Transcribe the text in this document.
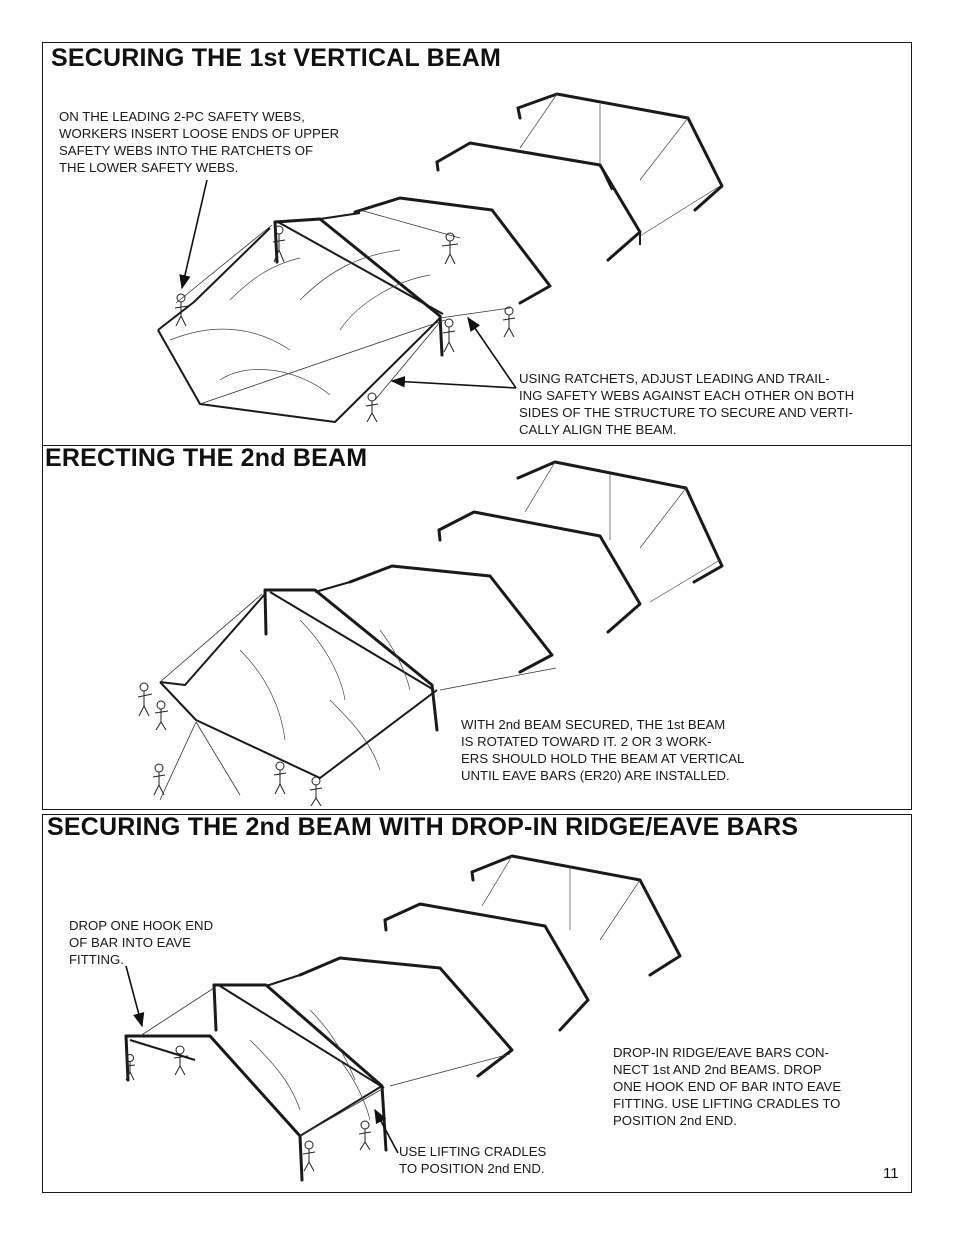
SECURING THE 1st VERTICAL BEAM
ON THE LEADING 2-PC SAFETY WEBS,
WORKERS INSERT LOOSE ENDS OF UPPER
SAFETY WEBS INTO THE RATCHETS OF
THE LOWER SAFETY WEBS.
USING RATCHETS, ADJUST LEADING AND TRAIL-
ING SAFETY WEBS AGAINST EACH OTHER ON BOTH
SIDES OF THE STRUCTURE TO SECURE AND VERTI-
CALLY ALIGN THE BEAM.
ERECTING THE 2nd BEAM
WITH 2nd BEAM SECURED, THE 1st BEAM
IS ROTATED TOWARD IT. 2 OR 3 WORK-
ERS SHOULD HOLD THE BEAM AT VERTICAL
UNTIL EAVE BARS (ER20) ARE INSTALLED.
SECURING THE 2nd BEAM WITH DROP-IN RIDGE/EAVE BARS
DROP ONE HOOK END
OF BAR INTO EAVE
FITTING.
DROP-IN RIDGE/EAVE BARS CON-
NECT 1st AND 2nd BEAMS. DROP
ONE HOOK END OF BAR INTO EAVE
FITTING. USE LIFTING CRADLES TO
POSITION 2nd END.
USE LIFTING CRADLES
TO POSITION 2nd END.	11
